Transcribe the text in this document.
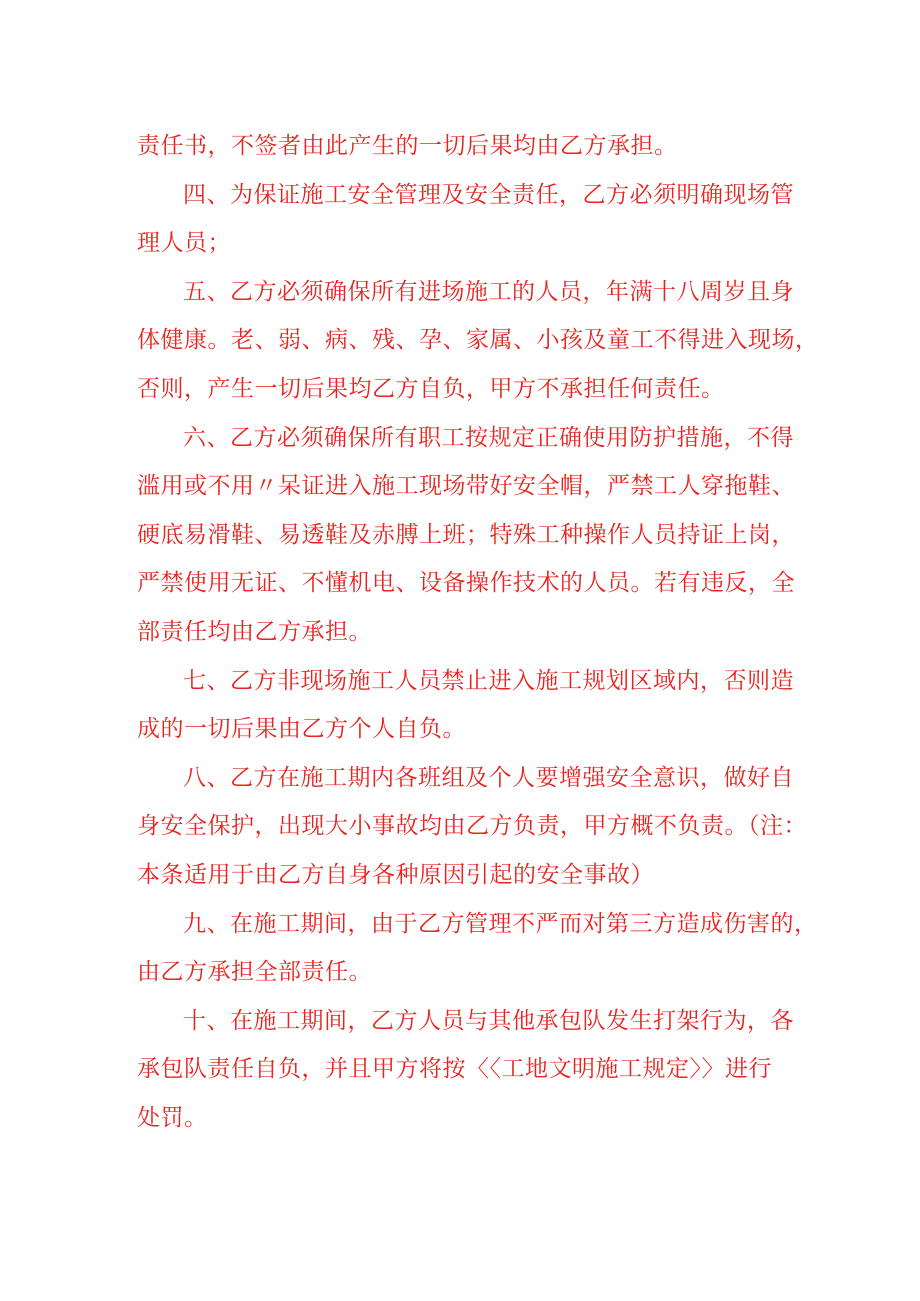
责任书，不签者由此产生的一切后果均由乙方承担。
四、为保证施工安全管理及安全责任，乙方必须明确现场管
理人员；
五、乙方必须确保所有进场施工的人员，年满十八周岁且身
体健康。老、弱、病、残、孕、家属、小孩及童工不得进入现场，
否则，产生一切后果均乙方自负，甲方不承担任何责任。
六、乙方必须确保所有职工按规定正确使用防护措施，不得
滥用或不用〃呆证进入施工现场带好安全帽，严禁工人穿拖鞋、
硬底易滑鞋、易透鞋及赤膊上班；特殊工种操作人员持证上岗，
严禁使用无证、不懂机电、设备操作技术的人员。若有违反，全
部责任均由乙方承担。
七、乙方非现场施工人员禁止进入施工规划区域内，否则造
成的一切后果由乙方个人自负。
八、乙方在施工期内各班组及个人要增强安全意识，做好自
身安全保护，出现大小事故均由乙方负责，甲方概不负责。（注：
本条适用于由乙方自身各种原因引起的安全事故）
九、在施工期间，由于乙方管理不严而对第三方造成伤害的，
由乙方承担全部责任。
十、在施工期间，乙方人员与其他承包队发生打架行为，各
承包队责任自负，并且甲方将按〈〈工地文明施工规定〉〉进行
处罚。
